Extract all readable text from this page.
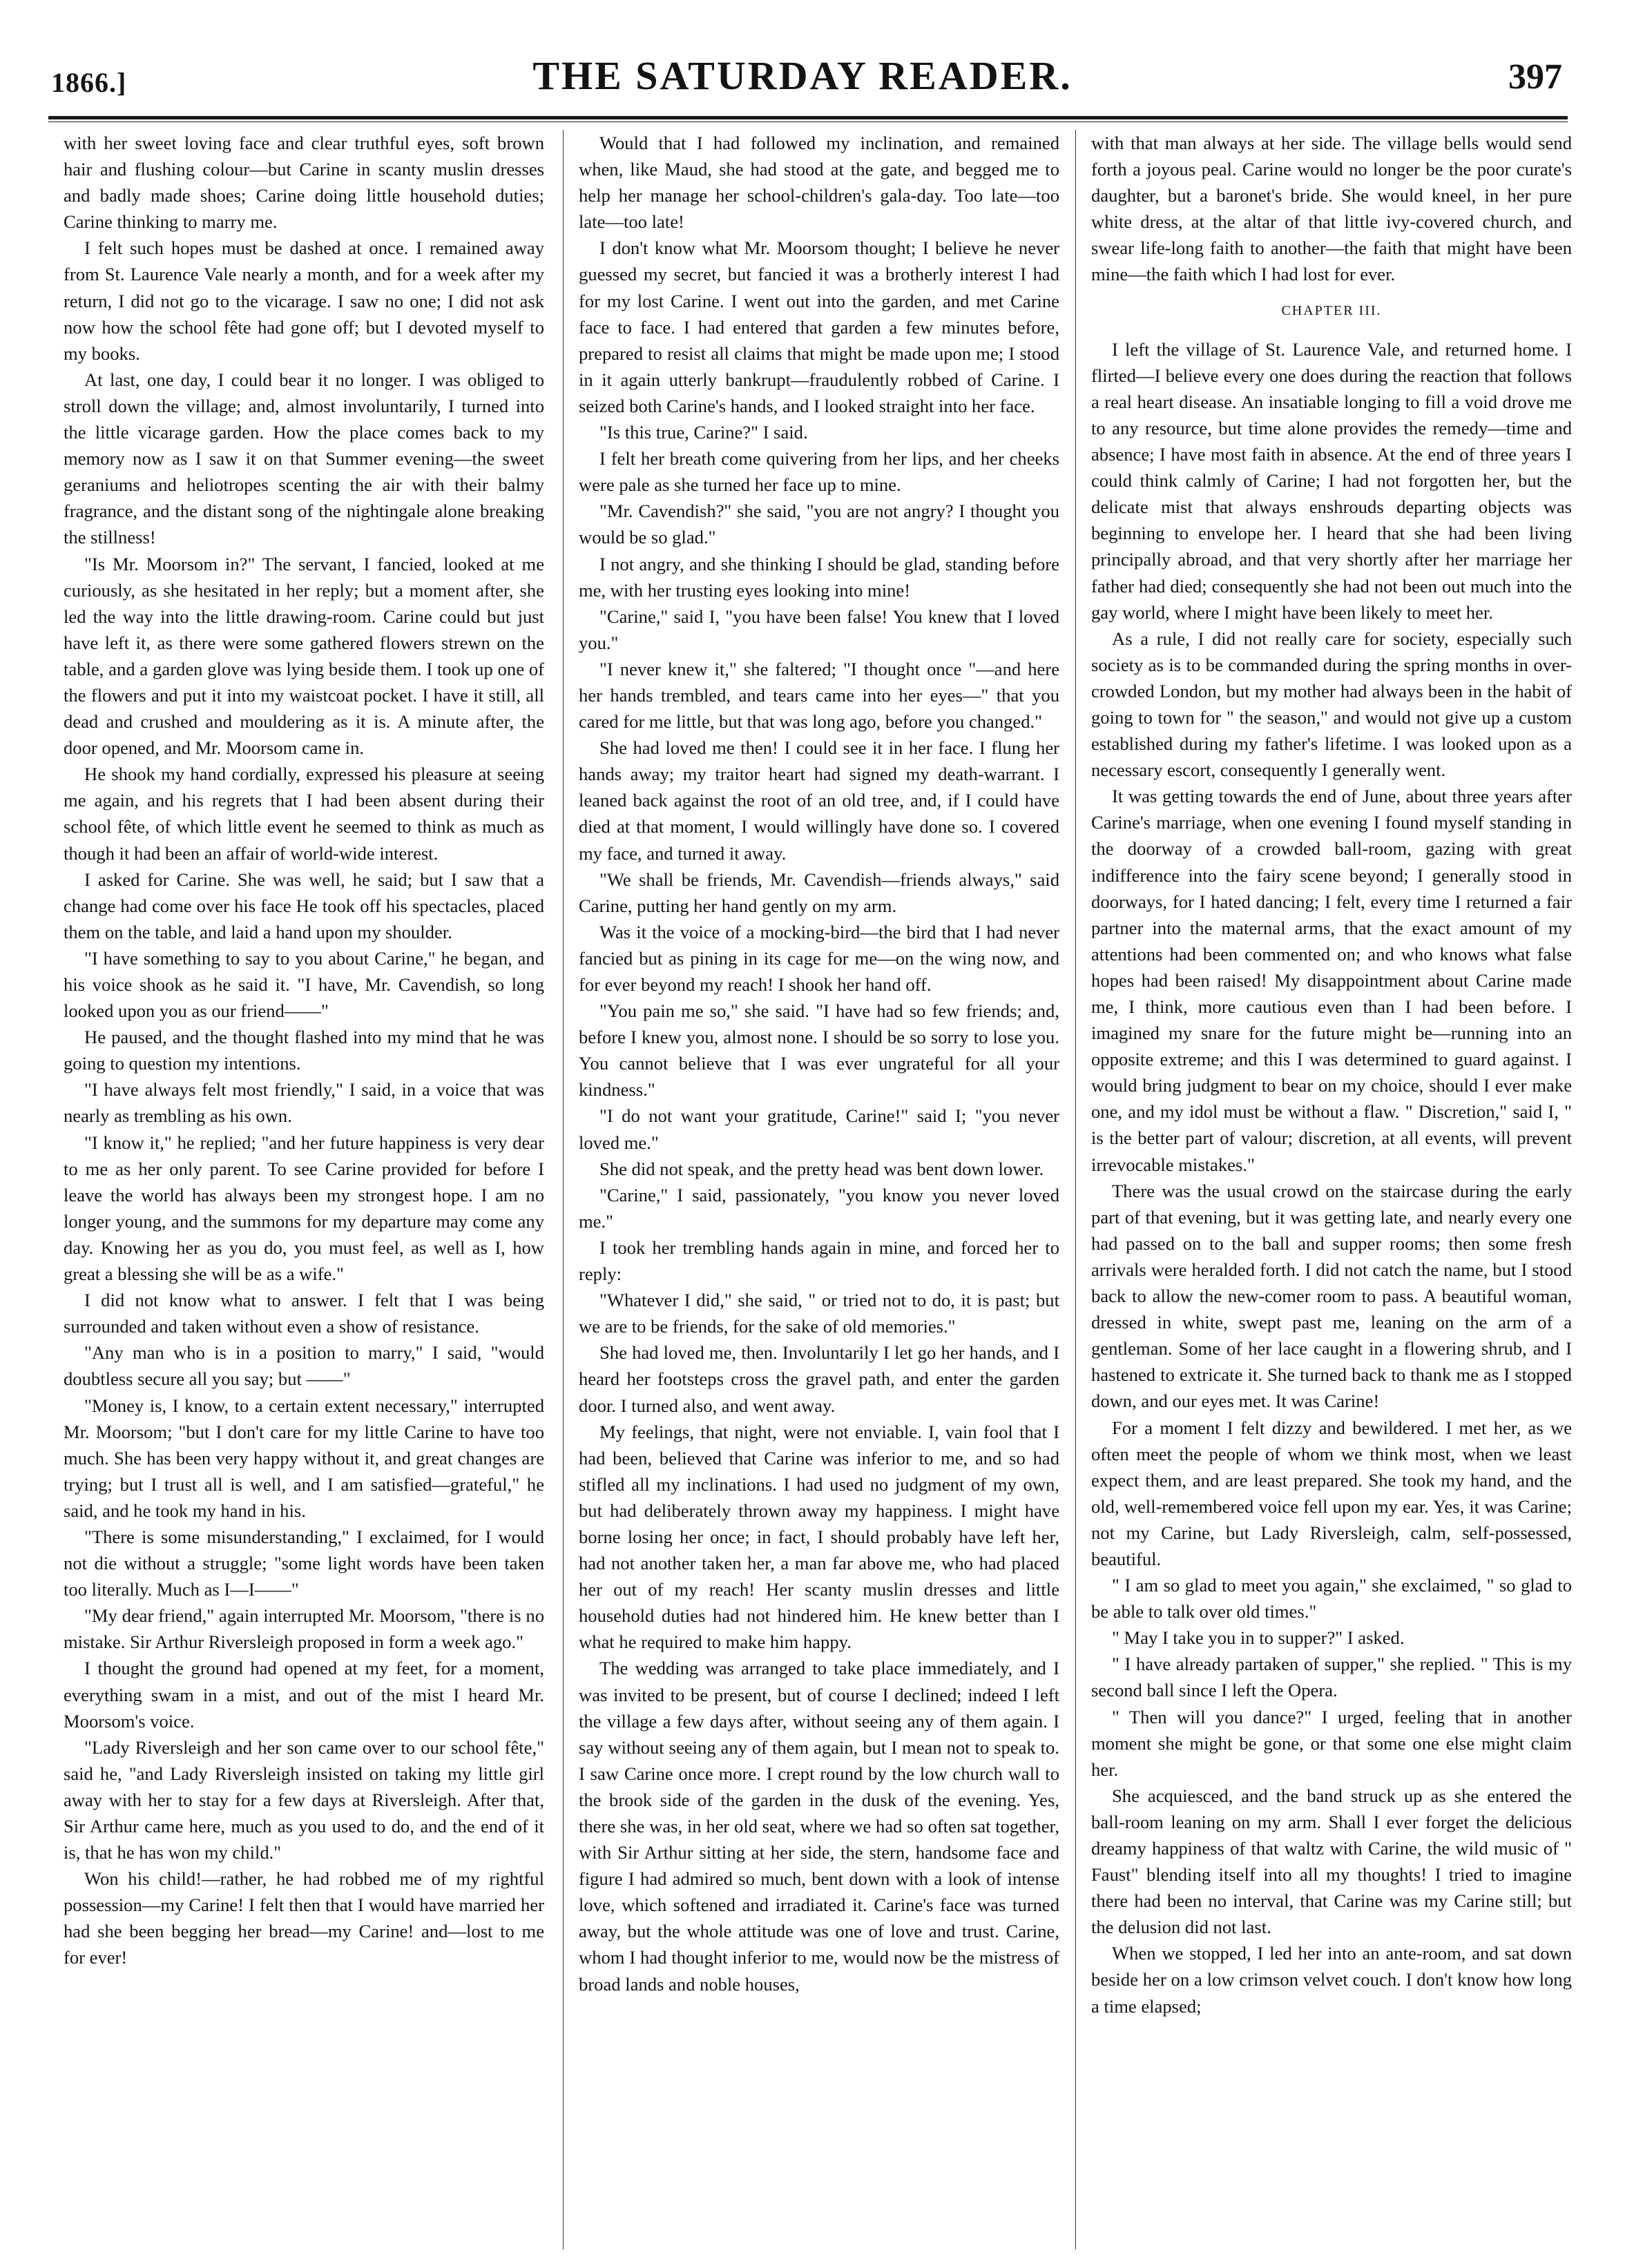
1866.]	THE SATURDAY READER.	397

with her sweet loving face and clear truthful eyes, soft brown hair and flushing colour—but Carine in scanty muslin dresses and badly made shoes; Carine doing little household duties; Carine thinking to marry me.

I felt such hopes must be dashed at once. I remained away from St. Laurence Vale nearly a month, and for a week after my return, I did not go to the vicarage. I saw no one; I did not ask now how the school fête had gone off; but I devoted myself to my books.

At last, one day, I could bear it no longer. I was obliged to stroll down the village; and, almost involuntarily, I turned into the little vicarage garden. How the place comes back to my memory now as I saw it on that Summer evening—the sweet geraniums and heliotropes scenting the air with their balmy fragrance, and the distant song of the nightingale alone breaking the stillness!

"Is Mr. Moorsom in?" The servant, I fancied, looked at me curiously, as she hesitated in her reply; but a moment after, she led the way into the little drawing-room. Carine could but just have left it, as there were some gathered flowers strewn on the table, and a garden glove was lying beside them. I took up one of the flowers and put it into my waistcoat pocket. I have it still, all dead and crushed and mouldering as it is. A minute after, the door opened, and Mr. Moorsom came in.

He shook my hand cordially, expressed his pleasure at seeing me again, and his regrets that I had been absent during their school fête, of which little event he seemed to think as much as though it had been an affair of world-wide interest.

I asked for Carine. She was well, he said; but I saw that a change had come over his face He took off his spectacles, placed them on the table, and laid a hand upon my shoulder.

"I have something to say to you about Carine," he began, and his voice shook as he said it. "I have, Mr. Cavendish, so long looked upon you as our friend——"

He paused, and the thought flashed into my mind that he was going to question my intentions.

"I have always felt most friendly," I said, in a voice that was nearly as trembling as his own.

"I know it," he replied; "and her future happiness is very dear to me as her only parent. To see Carine provided for before I leave the world has always been my strongest hope. I am no longer young, and the summons for my departure may come any day. Knowing her as you do, you must feel, as well as I, how great a blessing she will be as a wife."

I did not know what to answer. I felt that I was being surrounded and taken without even a show of resistance.

"Any man who is in a position to marry," I said, "would doubtless secure all you say; but ——"

"Money is, I know, to a certain extent necessary," interrupted Mr. Moorsom; "but I don't care for my little Carine to have too much. She has been very happy without it, and great changes are trying; but I trust all is well, and I am satisfied—grateful," he said, and he took my hand in his.

"There is some misunderstanding," I exclaimed, for I would not die without a struggle; "some light words have been taken too literally. Much as I—I——"

"My dear friend," again interrupted Mr. Moorsom, "there is no mistake. Sir Arthur Riversleigh proposed in form a week ago."

I thought the ground had opened at my feet, for a moment, everything swam in a mist, and out of the mist I heard Mr. Moorsom's voice.

"Lady Riversleigh and her son came over to our school fête," said he, "and Lady Riversleigh insisted on taking my little girl away with her to stay for a few days at Riversleigh. After that, Sir Arthur came here, much as you used to do, and the end of it is, that he has won my child."

Won his child!—rather, he had robbed me of my rightful possession—my Carine! I felt then that I would have married her had she been begging her bread—my Carine! and—lost to me for ever!

Would that I had followed my inclination, and remained when, like Maud, she had stood at the gate, and begged me to help her manage her school-children's gala-day. Too late—too late—too late!

I don't know what Mr. Moorsom thought; I believe he never guessed my secret, but fancied it was a brotherly interest I had for my lost Carine. I went out into the garden, and met Carine face to face. I had entered that garden a few minutes before, prepared to resist all claims that might be made upon me; I stood in it again utterly bankrupt—fraudulently robbed of Carine. I seized both Carine's hands, and I looked straight into her face.

"Is this true, Carine?" I said.

I felt her breath come quivering from her lips, and her cheeks were pale as she turned her face up to mine.

"Mr. Cavendish?" she said, "you are not angry? I thought you would be so glad."

I not angry, and she thinking I should be glad, standing before me, with her trusting eyes looking into mine!

"Carine," said I, "you have been false! You knew that I loved you."

"I never knew it," she faltered; "I thought once "—and here her hands trembled, and tears came into her eyes—" that you cared for me little, but that was long ago, before you changed."

She had loved me then! I could see it in her face. I flung her hands away; my traitor heart had signed my death-warrant. I leaned back against the root of an old tree, and, if I could have died at that moment, I would willingly have done so. I covered my face, and turned it away.

"We shall be friends, Mr. Cavendish—friends always," said Carine, putting her hand gently on my arm.

Was it the voice of a mocking-bird—the bird that I had never fancied but as pining in its cage for me—on the wing now, and for ever beyond my reach! I shook her hand off.

"You pain me so," she said. "I have had so few friends; and, before I knew you, almost none. I should be so sorry to lose you. You cannot believe that I was ever ungrateful for all your kindness."

"I do not want your gratitude, Carine!" said I; "you never loved me."

She did not speak, and the pretty head was bent down lower.

"Carine," I said, passionately, "you know you never loved me."

I took her trembling hands again in mine, and forced her to reply:

"Whatever I did," she said, " or tried not to do, it is past; but we are to be friends, for the sake of old memories."

She had loved me, then. Involuntarily I let go her hands, and I heard her footsteps cross the gravel path, and enter the garden door. I turned also, and went away.

My feelings, that night, were not enviable. I, vain fool that I had been, believed that Carine was inferior to me, and so had stifled all my inclinations. I had used no judgment of my own, but had deliberately thrown away my happiness. I might have borne losing her once; in fact, I should probably have left her, had not another taken her, a man far above me, who had placed her out of my reach! Her scanty muslin dresses and little household duties had not hindered him. He knew better than I what he required to make him happy.

The wedding was arranged to take place immediately, and I was invited to be present, but of course I declined; indeed I left the village a few days after, without seeing any of them again. I say without seeing any of them again, but I mean not to speak to. I saw Carine once more. I crept round by the low church wall to the brook side of the garden in the dusk of the evening. Yes, there she was, in her old seat, where we had so often sat together, with Sir Arthur sitting at her side, the stern, handsome face and figure I had admired so much, bent down with a look of intense love, which softened and irradiated it. Carine's face was turned away, but the whole attitude was one of love and trust. Carine, whom I had thought inferior to me, would now be the mistress of broad lands and noble houses,

with that man always at her side. The village bells would send forth a joyous peal. Carine would no longer be the poor curate's daughter, but a baronet's bride. She would kneel, in her pure white dress, at the altar of that little ivy-covered church, and swear life-long faith to another—the faith that might have been mine—the faith which I had lost for ever.

CHAPTER III.

I left the village of St. Laurence Vale, and returned home. I flirted—I believe every one does during the reaction that follows a real heart disease. An insatiable longing to fill a void drove me to any resource, but time alone provides the remedy—time and absence; I have most faith in absence. At the end of three years I could think calmly of Carine; I had not forgotten her, but the delicate mist that always enshrouds departing objects was beginning to envelope her. I heard that she had been living principally abroad, and that very shortly after her marriage her father had died; consequently she had not been out much into the gay world, where I might have been likely to meet her.

As a rule, I did not really care for society, especially such society as is to be commanded during the spring months in over-crowded London, but my mother had always been in the habit of going to town for " the season," and would not give up a custom established during my father's lifetime. I was looked upon as a necessary escort, consequently I generally went.

It was getting towards the end of June, about three years after Carine's marriage, when one evening I found myself standing in the doorway of a crowded ball-room, gazing with great indifference into the fairy scene beyond; I generally stood in doorways, for I hated dancing; I felt, every time I returned a fair partner into the maternal arms, that the exact amount of my attentions had been commented on; and who knows what false hopes had been raised! My disappointment about Carine made me, I think, more cautious even than I had been before. I imagined my snare for the future might be—running into an opposite extreme; and this I was determined to guard against. I would bring judgment to bear on my choice, should I ever make one, and my idol must be without a flaw. " Discretion," said I, " is the better part of valour; discretion, at all events, will prevent irrevocable mistakes."

There was the usual crowd on the staircase during the early part of that evening, but it was getting late, and nearly every one had passed on to the ball and supper rooms; then some fresh arrivals were heralded forth. I did not catch the name, but I stood back to allow the new-comer room to pass. A beautiful woman, dressed in white, swept past me, leaning on the arm of a gentleman. Some of her lace caught in a flowering shrub, and I hastened to extricate it. She turned back to thank me as I stopped down, and our eyes met. It was Carine!

For a moment I felt dizzy and bewildered. I met her, as we often meet the people of whom we think most, when we least expect them, and are least prepared. She took my hand, and the old, well-remembered voice fell upon my ear. Yes, it was Carine; not my Carine, but Lady Riversleigh, calm, self-possessed, beautiful.

" I am so glad to meet you again," she exclaimed, " so glad to be able to talk over old times."

" May I take you in to supper?" I asked.

" I have already partaken of supper," she replied. " This is my second ball since I left the Opera.

" Then will you dance?" I urged, feeling that in another moment she might be gone, or that some one else might claim her.

She acquiesced, and the band struck up as she entered the ball-room leaning on my arm. Shall I ever forget the delicious dreamy happiness of that waltz with Carine, the wild music of " Faust" blending itself into all my thoughts! I tried to imagine there had been no interval, that Carine was my Carine still; but the delusion did not last.

When we stopped, I led her into an ante-room, and sat down beside her on a low crimson velvet couch. I don't know how long a time elapsed;
